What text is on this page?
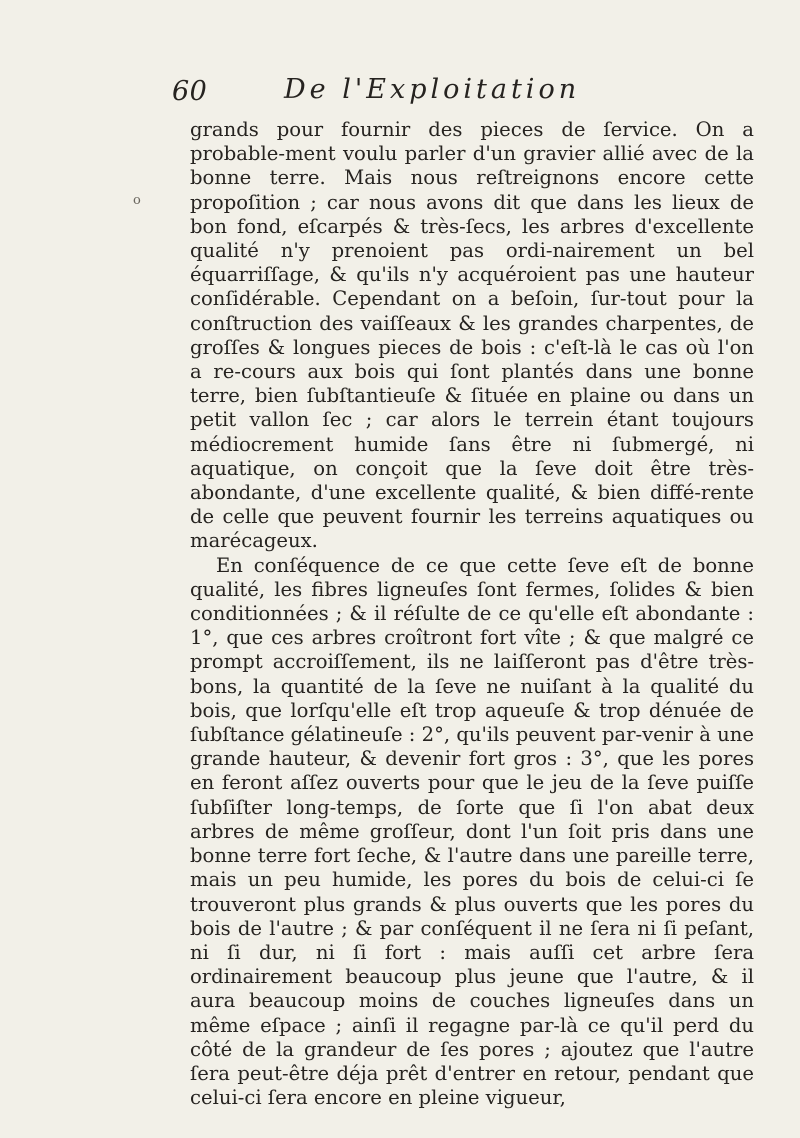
60	De l'Exploitation
o

grands pour fournir des pieces de ſervice. On a probable-ment voulu parler d'un gravier allié avec de la bonne terre. Mais nous reſtreignons encore cette propoſition ; car nous avons dit que dans les lieux de bon fond, eſcarpés & très-ſecs, les arbres d'excellente qualité n'y prenoient pas ordi-nairement un bel équarriſſage, & qu'ils n'y acquéroient pas une hauteur conſidérable. Cependant on a beſoin, ſur-tout pour la conſtruction des vaiſſeaux & les grandes charpentes, de groſſes & longues pieces de bois : c'eſt-là le cas où l'on a re-cours aux bois qui ſont plantés dans une bonne terre, bien ſubſtantieuſe & ſituée en plaine ou dans un petit vallon ſec ; car alors le terrein étant toujours médiocrement humide ſans être ni ſubmergé, ni aquatique, on conçoit que la ſeve doit être très-abondante, d'une excellente qualité, & bien diffé-rente de celle que peuvent fournir les terreins aquatiques ou marécageux.

En conſéquence de ce que cette ſeve eſt de bonne qualité, les fibres ligneuſes ſont fermes, ſolides & bien conditionnées ; & il réſulte de ce qu'elle eſt abondante : 1°, que ces arbres croîtront fort vîte ; & que malgré ce prompt accroiſſement, ils ne laiſſeront pas d'être très-bons, la quantité de la ſeve ne nuiſant à la qualité du bois, que lorſqu'elle eſt trop aqueuſe & trop dénuée de ſubſtance gélatineuſe : 2°, qu'ils peuvent par-venir à une grande hauteur, & devenir fort gros : 3°, que les pores en feront aſſez ouverts pour que le jeu de la ſeve puiſſe ſubſiſter long-temps, de ſorte que ſi l'on abat deux arbres de même groſſeur, dont l'un ſoit pris dans une bonne terre fort ſeche, & l'autre dans une pareille terre, mais un peu humide, les pores du bois de celui-ci ſe trouveront plus grands & plus ouverts que les pores du bois de l'autre ; & par conſéquent il ne ſera ni ſi peſant, ni ſi dur, ni ſi fort : mais auſſi cet arbre ſera ordinairement beaucoup plus jeune que l'autre, & il aura beaucoup moins de couches ligneuſes dans un même eſpace ; ainſi il regagne par-là ce qu'il perd du côté de la grandeur de ſes pores ; ajoutez que l'autre ſera peut-être déja prêt d'entrer en retour, pendant que celui-ci ſera encore en pleine vigueur,
